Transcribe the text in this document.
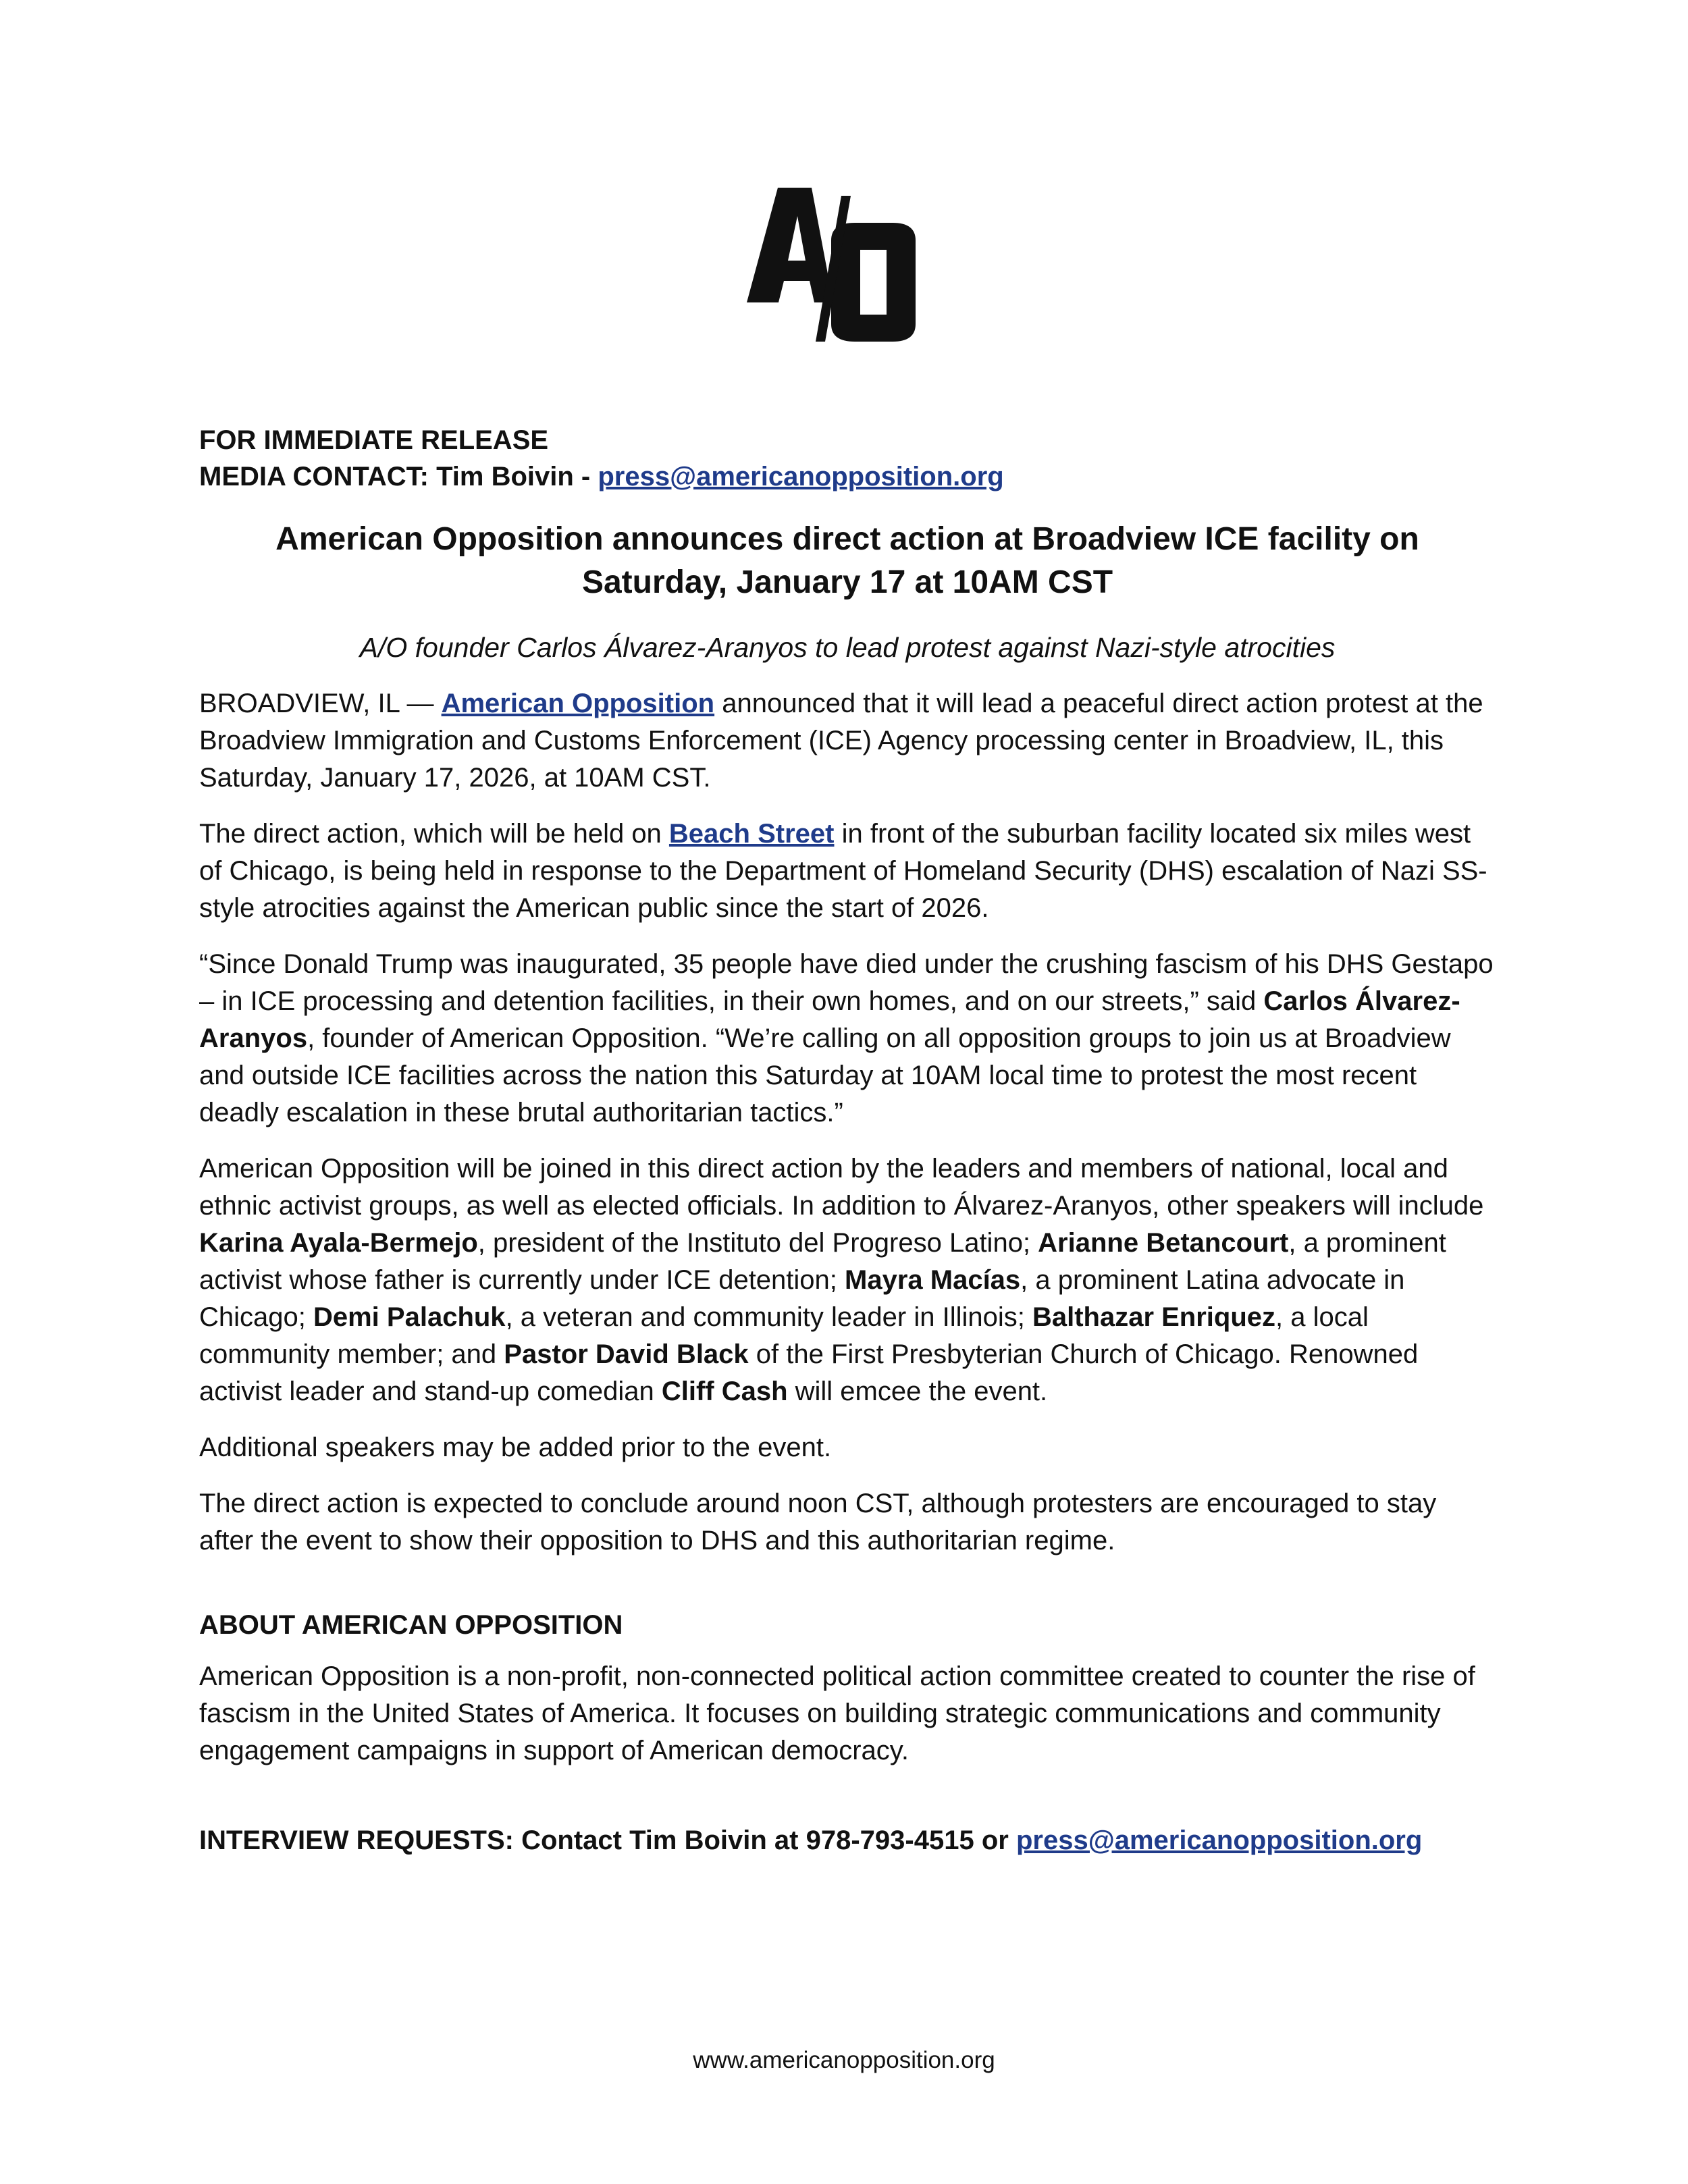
FOR IMMEDIATE RELEASE
MEDIA CONTACT: Tim Boivin - press@americanopposition.org
American Opposition announces direct action at Broadview ICE facility on
Saturday, January 17 at 10AM CST
A/O founder Carlos Álvarez-Aranyos to lead protest against Nazi-style atrocities

BROADVIEW, IL — American Opposition announced that it will lead a peaceful direct action protest at the Broadview Immigration and Customs Enforcement (ICE) Agency processing center in Broadview, IL, this Saturday, January 17, 2026, at 10AM CST.

The direct action, which will be held on Beach Street in front of the suburban facility located six miles west of Chicago, is being held in response to the Department of Homeland Security (DHS) escalation of Nazi SS-style atrocities against the American public since the start of 2026.

“Since Donald Trump was inaugurated, 35 people have died under the crushing fascism of his DHS Gestapo – in ICE processing and detention facilities, in their own homes, and on our streets,” said Carlos Álvarez-Aranyos, founder of American Opposition. “We’re calling on all opposition groups to join us at Broadview and outside ICE facilities across the nation this Saturday at 10AM local time to protest the most recent deadly escalation in these brutal authoritarian tactics.”

American Opposition will be joined in this direct action by the leaders and members of national, local and ethnic activist groups, as well as elected officials. In addition to Álvarez-Aranyos, other speakers will include Karina Ayala-Bermejo, president of the Instituto del Progreso Latino; Arianne Betancourt, a prominent activist whose father is currently under ICE detention; Mayra Macías, a prominent Latina advocate in Chicago; Demi Palachuk, a veteran and community leader in Illinois; Balthazar Enriquez, a local community member; and Pastor David Black of the First Presbyterian Church of Chicago. Renowned activist leader and stand-up comedian Cliff Cash will emcee the event.

Additional speakers may be added prior to the event.

The direct action is expected to conclude around noon CST, although protesters are encouraged to stay after the event to show their opposition to DHS and this authoritarian regime.

ABOUT AMERICAN OPPOSITION

American Opposition is a non-profit, non-connected political action committee created to counter the rise of fascism in the United States of America. It focuses on building strategic communications and community engagement campaigns in support of American democracy.

INTERVIEW REQUESTS: Contact Tim Boivin at 978-793-4515 or press@americanopposition.org
www.americanopposition.org
